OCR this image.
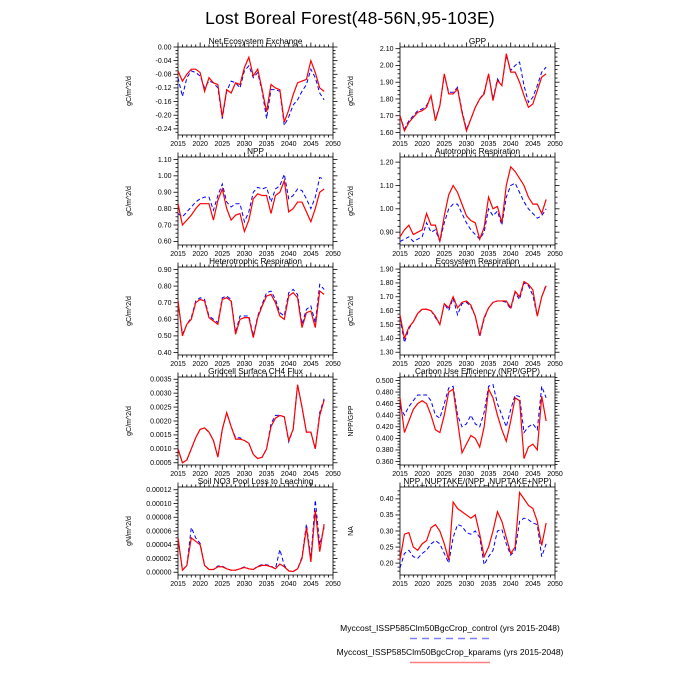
Lost Boreal Forest(48-56N,95-103E)
2015 2020 2025 2030 2035 2040 2045 2050
-0.24
-0.20
-0.16
-0.12
-0.08
-0.04
0.00
Net Ecosystem Exchange
gC/m^2/d
2015 2020 2025 2030 2035 2040 2045 2050
1.60
1.70
1.80
1.90
2.00
2.10
GPP
gC/m^2/d
2015 2020 2025 2030 2035 2040 2045 2050
0.60
0.70
0.80
0.90
1.00
1.10
NPP
gC/m^2/d
2015 2020 2025 2030 2035 2040 2045 2050
0.90
1.00
1.10
1.20
Autotrophic Respiration
gC/m^2/d
2015 2020 2025 2030 2035 2040 2045 2050
0.40
0.50
0.60
0.70
0.80
0.90
Heterotrophic Respiration
gC/m^2/d
2015 2020 2025 2030 2035 2040 2045 2050
1.30
1.40
1.50
1.60
1.70
1.80
1.90
Ecosystem Respiration
gC/m^2/d
2015 2020 2025 2030 2035 2040 2045 2050
0.0005
0.0010
0.0015
0.0020
0.0025
0.0030
0.0035
Gridcell Surface CH4 Flux
gC/m^2/d
2015 2020 2025 2030 2035 2040 2045 2050
0.360
0.380
0.400
0.420
0.440
0.460
0.480
0.500
Carbon Use Efficiency (NPP/GPP)
NPP/GPP
2015 2020 2025 2030 2035 2040 2045 2050
0.00000
0.00002
0.00004
0.00006
0.00008
0.00010
0.00012
Soil NO3 Pool Loss to Leaching
gN/m^2/d
2015 2020 2025 2030 2035 2040 2045 2050
0.20
0.25
0.30
0.35
0.40
NPP_NUPTAKE/(NPP_NUPTAKE+NPP)
NA
Myccost_ISSP585Clm50BgcCrop_control (yrs 2015-2048)
Myccost_ISSP585Clm50BgcCrop_kparams (yrs 2015-2048)
